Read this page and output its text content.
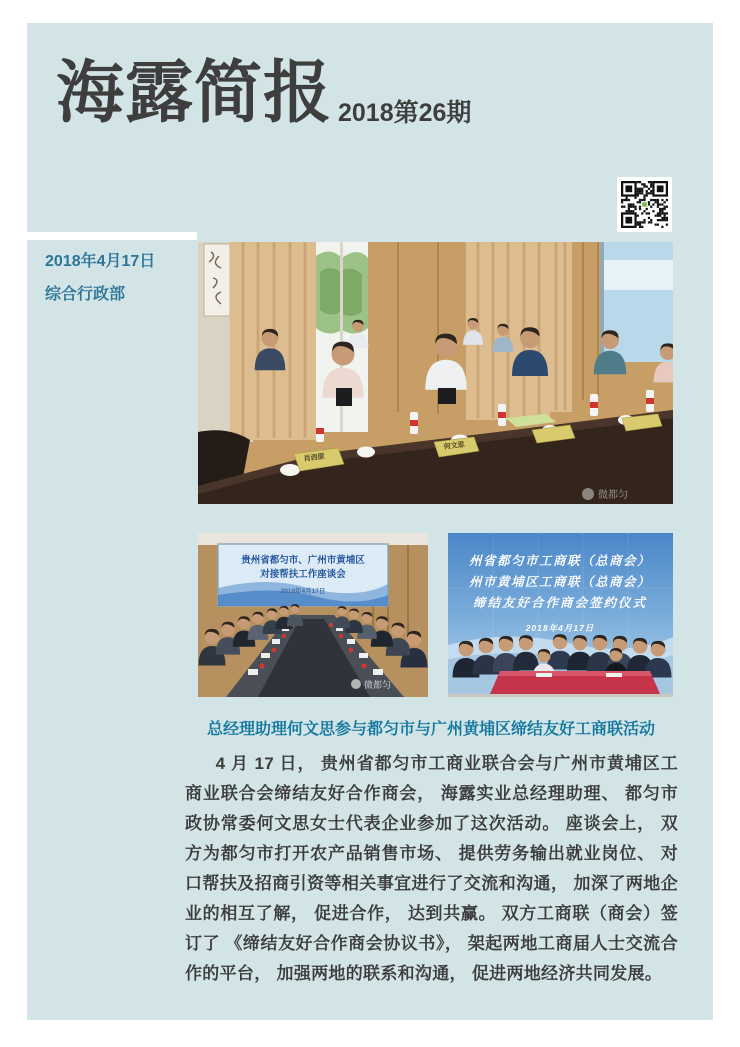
海露简报 2018第26期
2018年4月17日
综合行政部
肖西原
何文思
微都匀
贵州省都匀市、广州市黄埔区
对接帮扶工作座谈会
2018年4月17日
微都匀
州省都匀市工商联（总商会）
州市黄埔区工商联（总商会）
缔结友好合作商会签约仪式
2018年4月17日
总经理助理何文思参与都匀市与广州黄埔区缔结友好工商联活动
4 月 17 日， 贵州省都匀市工商业联合会与广州市黄埔区工商业联合会缔结友好合作商会， 海露实业总经理助理、 都匀市政协常委何文思女士代表企业参加了这次活动。 座谈会上， 双方为都匀市打开农产品销售市场、 提供劳务输出就业岗位、 对口帮扶及招商引资等相关事宜进行了交流和沟通， 加深了两地企业的相互了解， 促进合作， 达到共赢。 双方工商联（商会）签订了 《缔结友好合作商会协议书》， 架起两地工商届人士交流合作的平台， 加强两地的联系和沟通， 促进两地经济共同发展。
